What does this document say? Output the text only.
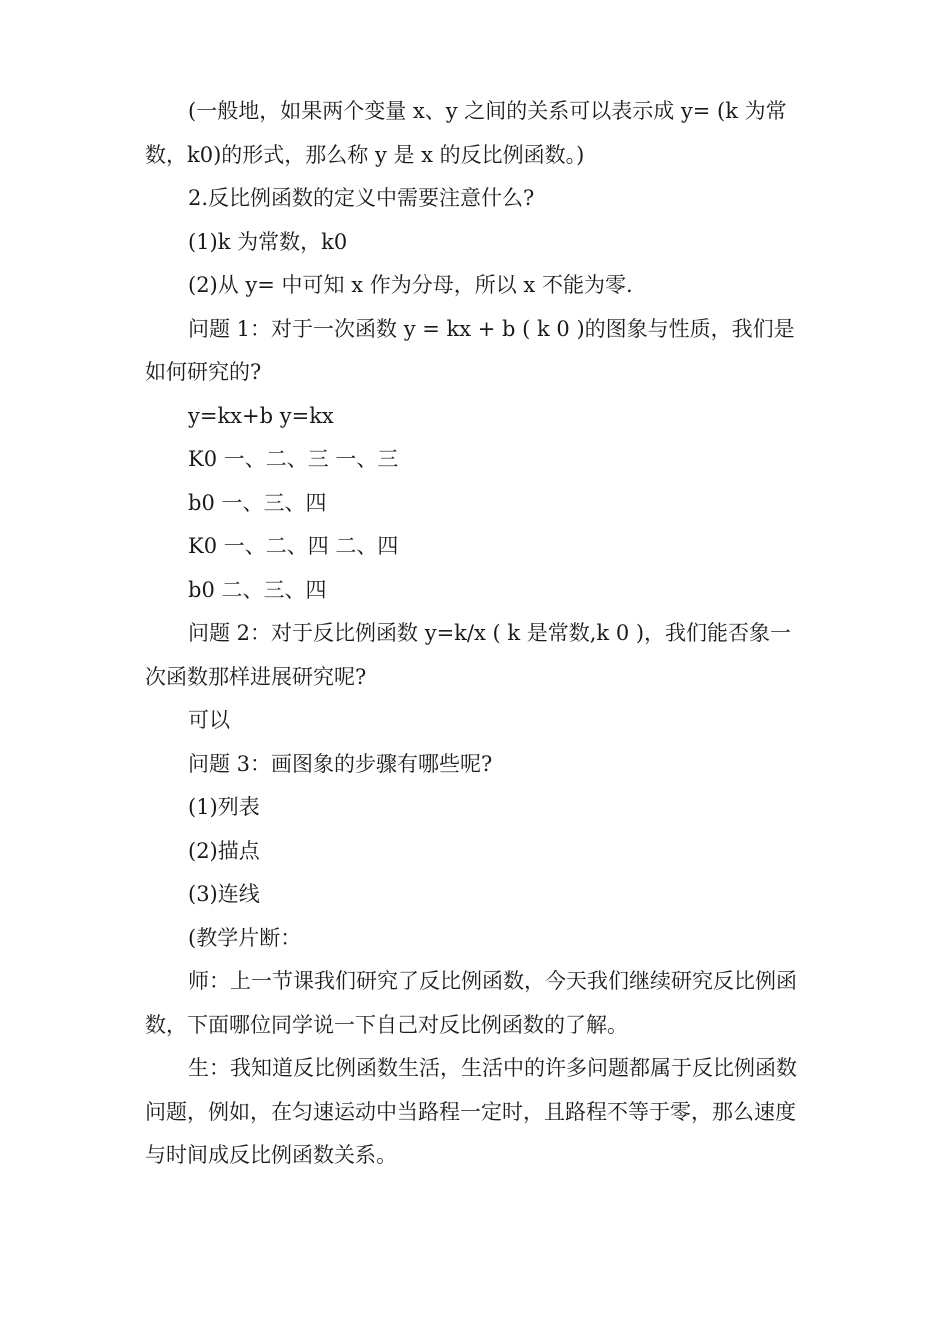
(一般地，如果两个变量 x、y 之间的关系可以表示成 y= (k 为常数，k0)的形式，那么称 y 是 x 的反比例函数。)

2.反比例函数的定义中需要注意什么?

(1)k 为常数，k0

(2)从 y= 中可知 x 作为分母，所以 x 不能为零.

问题 1：对于一次函数 y = kx + b ( k 0 )的图象与性质，我们是如何研究的?

y=kx+b y=kx

K0 一、二、三 一、三

b0 一、三、四

K0 一、二、四 二、四

b0 二、三、四

问题 2：对于反比例函数 y=k/x ( k 是常数,k 0 )，我们能否象一次函数那样进展研究呢?

可以

问题 3：画图象的步骤有哪些呢?

(1)列表

(2)描点

(3)连线

(教学片断：

师：上一节课我们研究了反比例函数，今天我们继续研究反比例函数，下面哪位同学说一下自己对反比例函数的了解。

生：我知道反比例函数生活，生活中的许多问题都属于反比例函数问题，例如，在匀速运动中当路程一定时，且路程不等于零，那么速度与时间成反比例函数关系。
